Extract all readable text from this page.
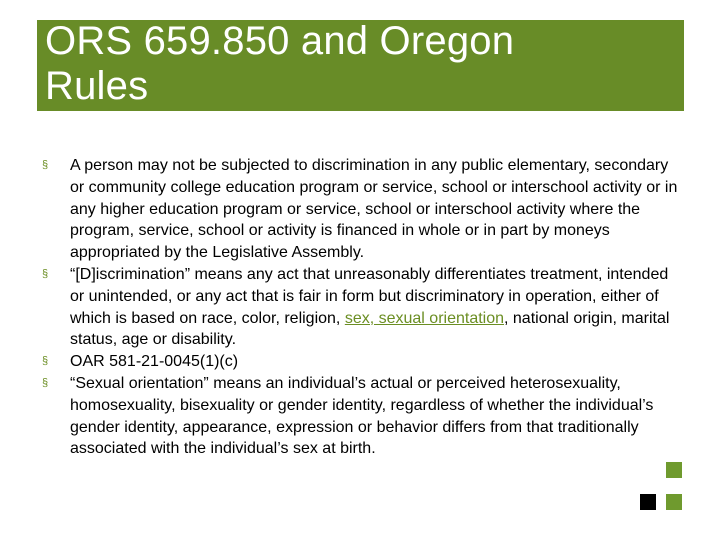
ORS 659.850 and Oregon
Rules
§ A person may not be subjected to discrimination in any public elementary, secondary or community college education program or service, school or interschool activity or in any higher education program or service, school or interschool activity where the program, service, school or activity is financed in whole or in part by moneys appropriated by the Legislative Assembly.
§ “[D]iscrimination” means any act that unreasonably differentiates treatment, intended or unintended, or any act that is fair in form but discriminatory in operation, either of which is based on race, color, religion, sex, sexual orientation, national origin, marital status, age or disability.
§ OAR 581-21-0045(1)(c)
§ “Sexual orientation” means an individual’s actual or perceived heterosexuality, homosexuality, bisexuality or gender identity, regardless of whether the individual’s gender identity, appearance, expression or behavior differs from that traditionally associated with the individual’s sex at birth.
